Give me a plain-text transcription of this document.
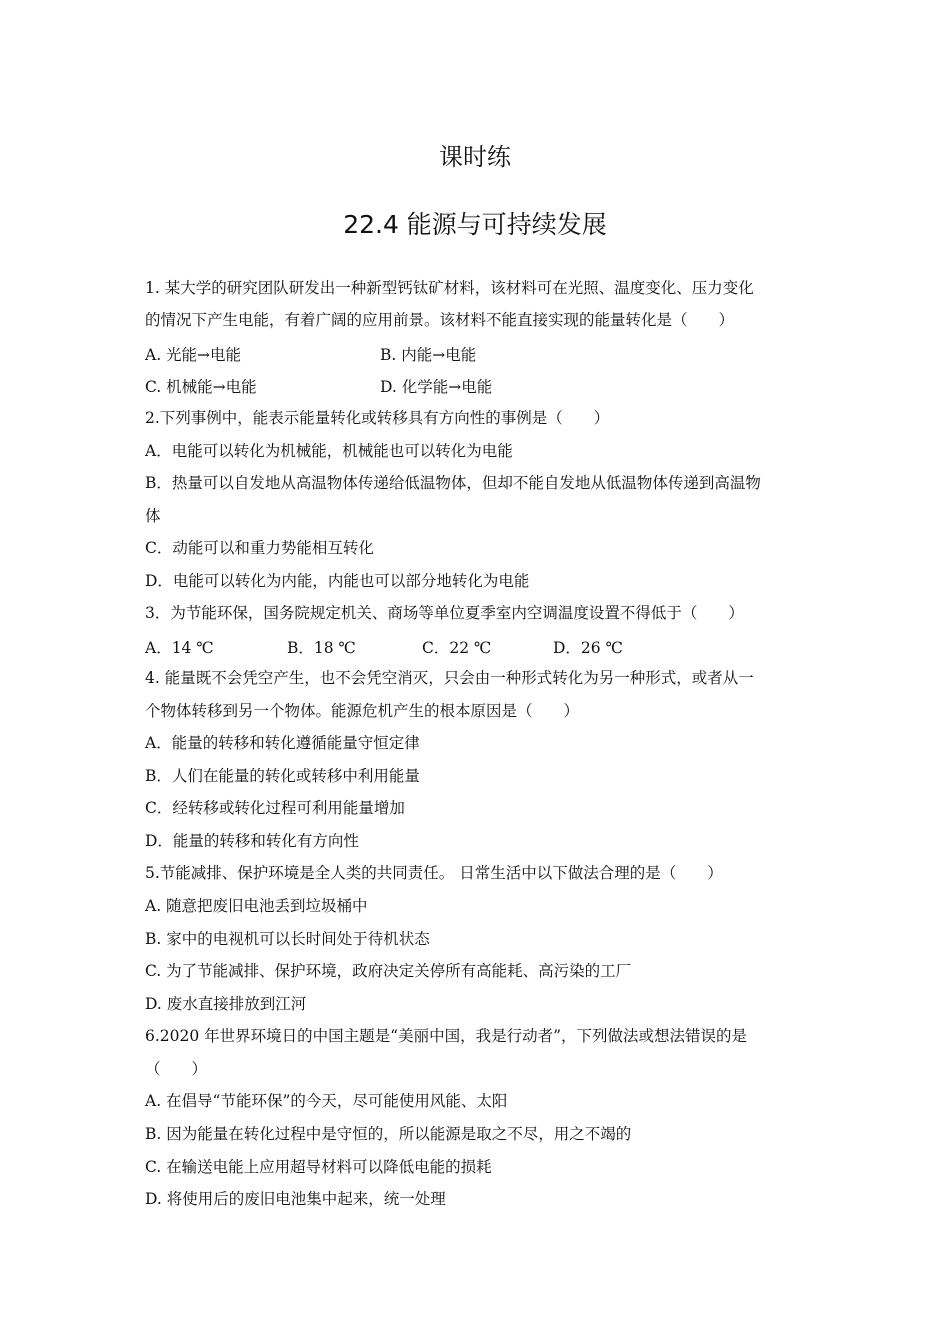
课时练
22.4 能源与可持续发展
1. 某大学的研究团队研发出一种新型钙钛矿材料，该材料可在光照、温度变化、压力变化
的情况下产生电能，有着广阔的应用前景。该材料不能直接实现的能量转化是（　　）
A. 光能→电能	B. 内能→电能
C. 机械能→电能	D. 化学能→电能
2.下列事例中，能表示能量转化或转移具有方向性的事例是（　　）
A．电能可以转化为机械能，机械能也可以转化为电能
B．热量可以自发地从高温物体传递给低温物体，但却不能自发地从低温物体传递到高温物
体
C．动能可以和重力势能相互转化
D．电能可以转化为内能，内能也可以部分地转化为电能
3．为节能环保，国务院规定机关、商场等单位夏季室内空调温度设置不得低于（　　）
A．14 ℃	B．18 ℃	C．22 ℃	D．26 ℃
4. 能量既不会凭空产生，也不会凭空消灭，只会由一种形式转化为另一种形式，或者从一
个物体转移到另一个物体。能源危机产生的根本原因是（　　）
A．能量的转移和转化遵循能量守恒定律
B．人们在能量的转化或转移中利用能量
C．经转移或转化过程可利用能量增加
D．能量的转移和转化有方向性
5.节能减排、保护环境是全人类的共同责任。 日常生活中以下做法合理的是（　　）
A. 随意把废旧电池丢到垃圾桶中
B. 家中的电视机可以长时间处于待机状态
C. 为了节能减排、保护环境，政府决定关停所有高能耗、高污染的工厂
D. 废水直接排放到江河
6.2020 年世界环境日的中国主题是“美丽中国，我是行动者”，下列做法或想法错误的是
（　　）
A. 在倡导“节能环保”的今天，尽可能使用风能、太阳
B. 因为能量在转化过程中是守恒的，所以能源是取之不尽，用之不竭的
C. 在输送电能上应用超导材料可以降低电能的损耗
D. 将使用后的废旧电池集中起来，统一处理
